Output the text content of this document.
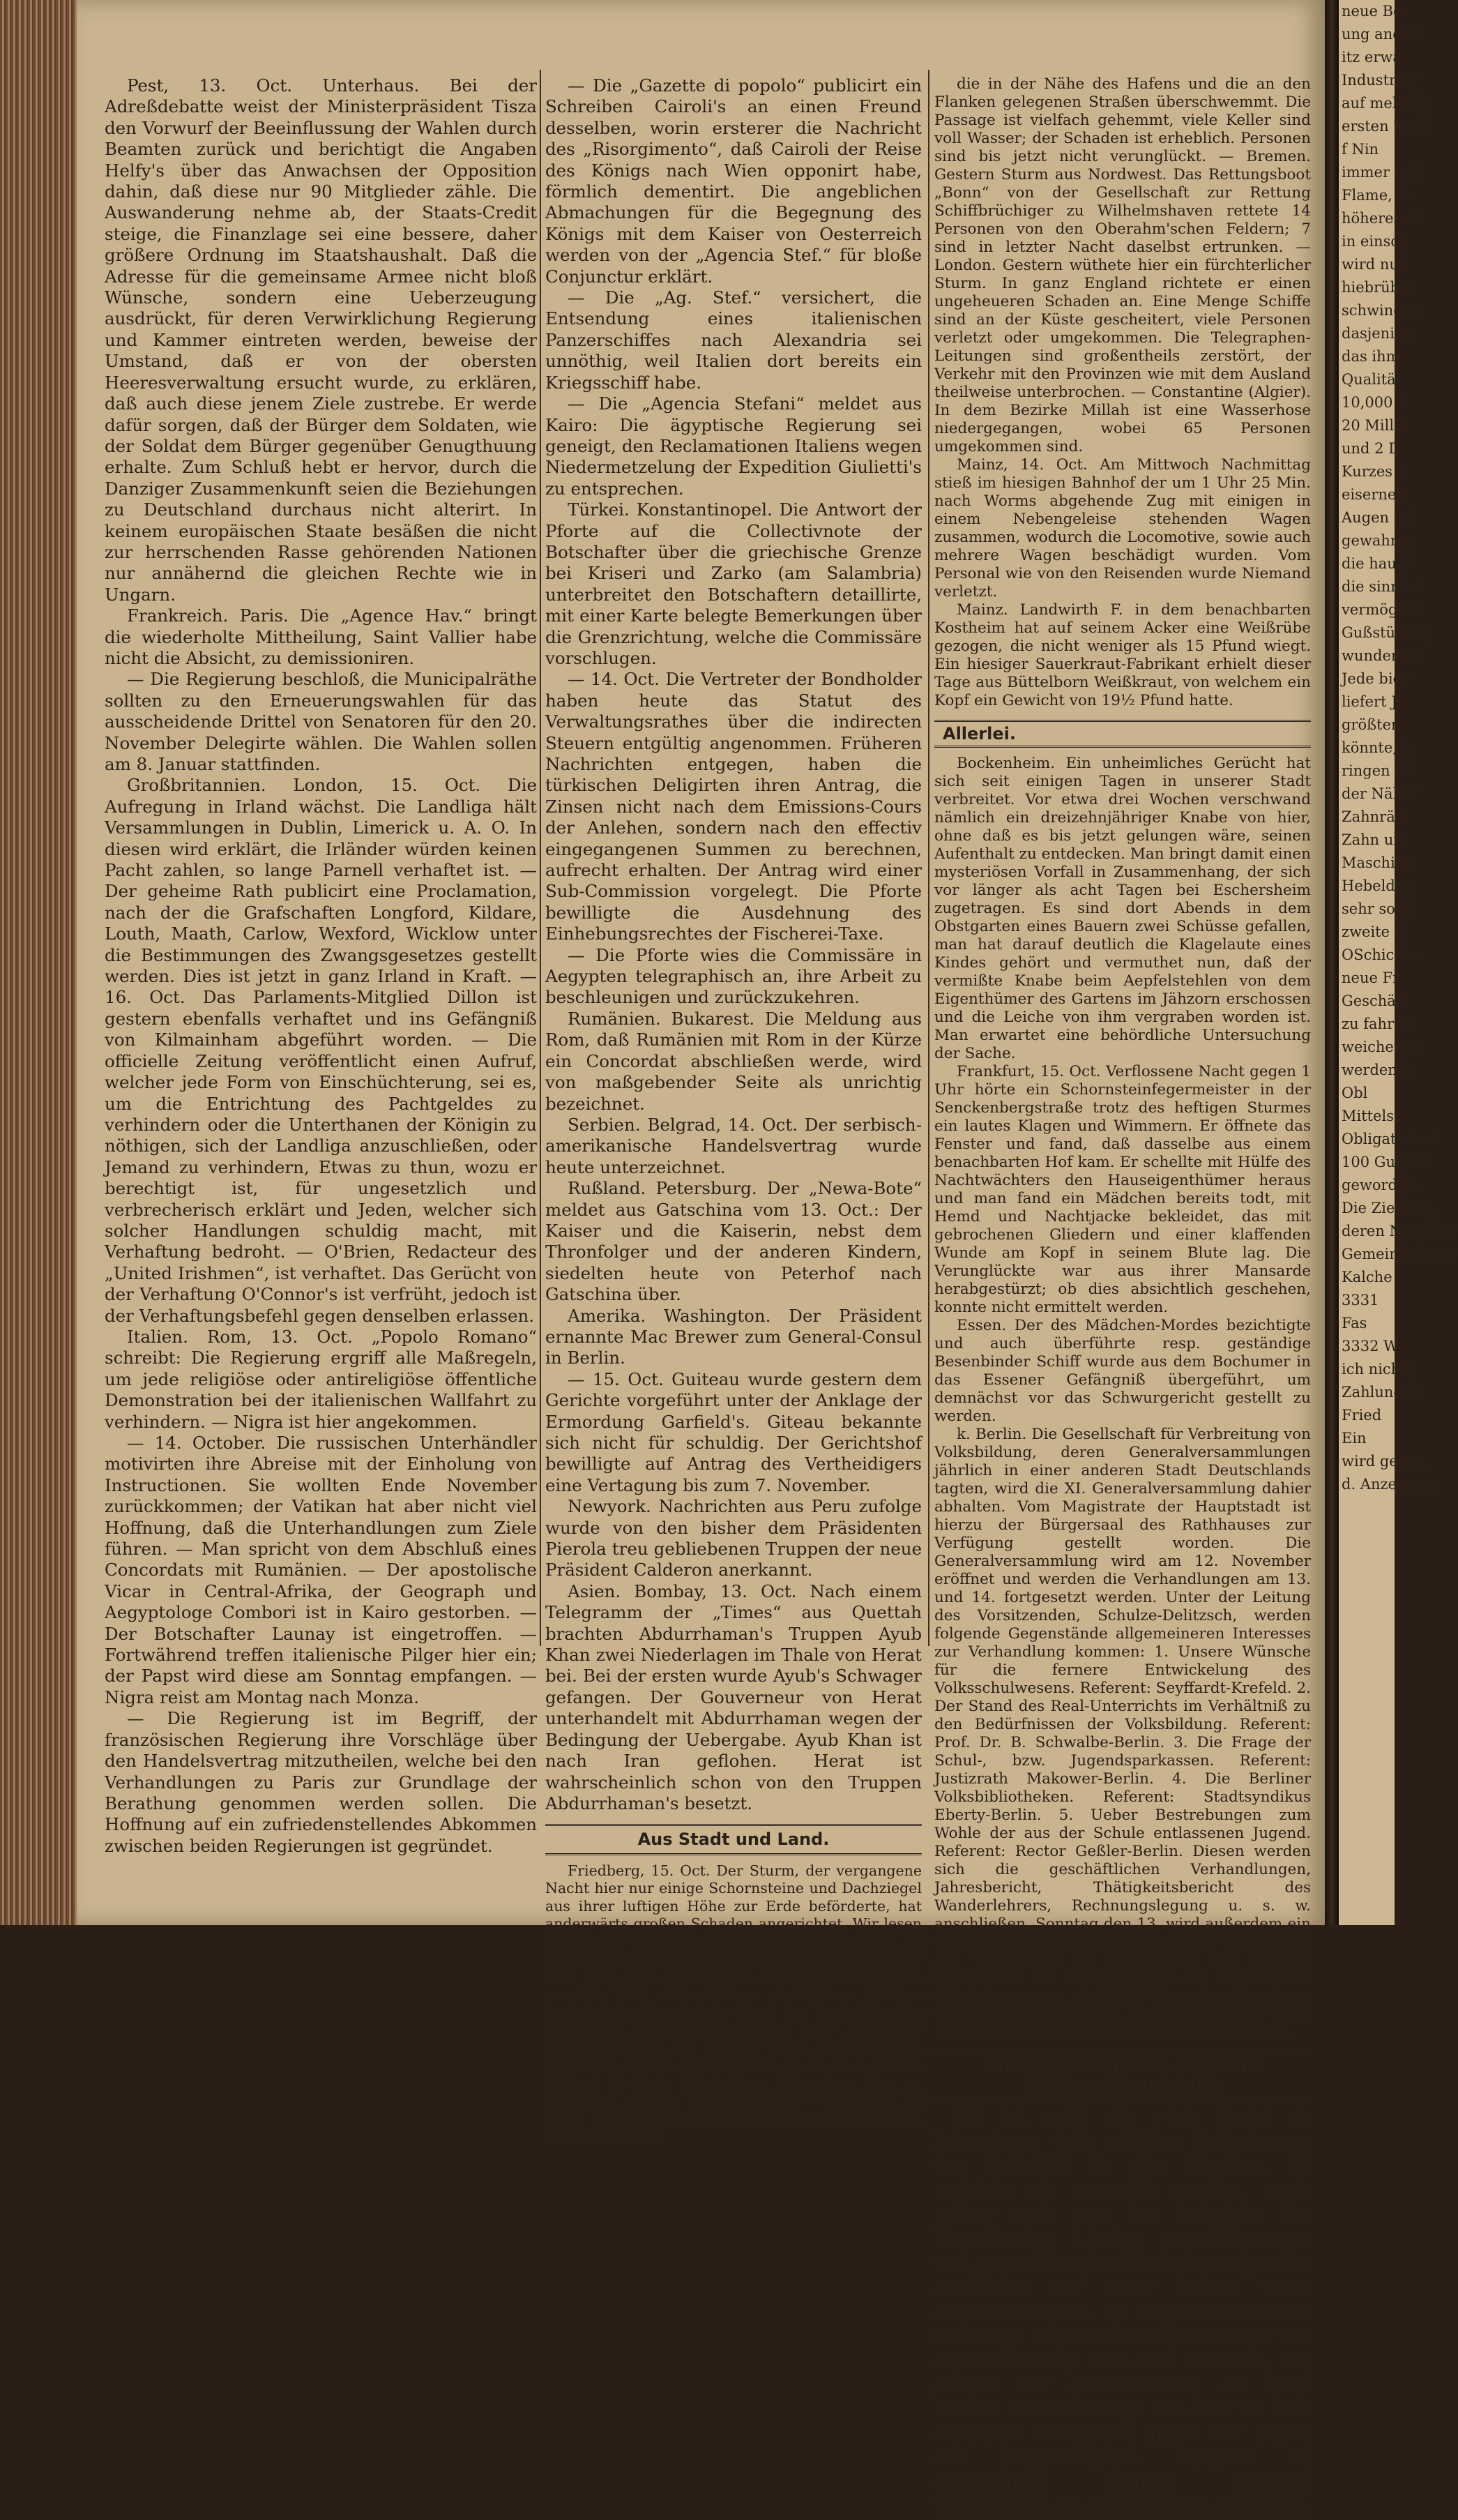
Pest, 13. Oct. Unterhaus. Bei der Adreßdebatte weist der Ministerpräsident Tisza den Vorwurf der Beeinflussung der Wahlen durch Beamten zurück und berichtigt die Angaben Helfy's über das Anwachsen der Opposition dahin, daß diese nur 90 Mitglieder zähle. Die Auswanderung nehme ab, der Staats-Credit steige, die Finanzlage sei eine bessere, daher größere Ordnung im Staatshaushalt. Daß die Adresse für die gemeinsame Armee nicht bloß Wünsche, sondern eine Ueberzeugung ausdrückt, für deren Verwirklichung Regierung und Kammer eintreten werden, beweise der Umstand, daß er von der obersten Heeresverwaltung ersucht wurde, zu erklären, daß auch diese jenem Ziele zustrebe. Er werde dafür sorgen, daß der Bürger dem Soldaten, wie der Soldat dem Bürger gegenüber Genugthuung erhalte. Zum Schluß hebt er hervor, durch die Danziger Zusammenkunft seien die Beziehungen zu Deutschland durchaus nicht alterirt. In keinem europäischen Staate besäßen die nicht zur herrschenden Rasse gehörenden Nationen nur annähernd die gleichen Rechte wie in Ungarn.

Frankreich. Paris. Die „Agence Hav.“ bringt die wiederholte Mittheilung, Saint Vallier habe nicht die Absicht, zu demissioniren.

— Die Regierung beschloß, die Municipalräthe sollten zu den Erneuerungswahlen für das ausscheidende Drittel von Senatoren für den 20. November Delegirte wählen. Die Wahlen sollen am 8. Januar stattfinden.

Großbritannien. London, 15. Oct. Die Aufregung in Irland wächst. Die Landliga hält Versammlungen in Dublin, Limerick u. A. O. In diesen wird erklärt, die Irländer würden keinen Pacht zahlen, so lange Parnell verhaftet ist. — Der geheime Rath publicirt eine Proclamation, nach der die Grafschaften Longford, Kildare, Louth, Maath, Carlow, Wexford, Wicklow unter die Bestimmungen des Zwangsgesetzes gestellt werden. Dies ist jetzt in ganz Irland in Kraft. — 16. Oct. Das Parlaments-Mitglied Dillon ist gestern ebenfalls verhaftet und ins Gefängniß von Kilmainham abgeführt worden. — Die officielle Zeitung veröffentlicht einen Aufruf, welcher jede Form von Einschüchterung, sei es, um die Entrichtung des Pachtgeldes zu verhindern oder die Unterthanen der Königin zu nöthigen, sich der Landliga anzuschließen, oder Jemand zu verhindern, Etwas zu thun, wozu er berechtigt ist, für ungesetzlich und verbrecherisch erklärt und Jeden, welcher sich solcher Handlungen schuldig macht, mit Verhaftung bedroht. — O'Brien, Redacteur des „United Irishmen“, ist verhaftet. Das Gerücht von der Verhaftung O'Connor's ist verfrüht, jedoch ist der Verhaftungsbefehl gegen denselben erlassen.

Italien. Rom, 13. Oct. „Popolo Romano“ schreibt: Die Regierung ergriff alle Maßregeln, um jede religiöse oder antireligiöse öffentliche Demonstration bei der italienischen Wallfahrt zu verhindern. — Nigra ist hier angekommen.

— 14. October. Die russischen Unterhändler motivirten ihre Abreise mit der Einholung von Instructionen. Sie wollten Ende November zurückkommen; der Vatikan hat aber nicht viel Hoffnung, daß die Unterhandlungen zum Ziele führen. — Man spricht von dem Abschluß eines Concordats mit Rumänien. — Der apostolische Vicar in Central-Afrika, der Geograph und Aegyptologe Combori ist in Kairo gestorben. — Der Botschafter Launay ist eingetroffen. — Fortwährend treffen italienische Pilger hier ein; der Papst wird diese am Sonntag empfangen. — Nigra reist am Montag nach Monza.

— Die Regierung ist im Begriff, der französischen Regierung ihre Vorschläge über den Handelsvertrag mitzutheilen, welche bei den Verhandlungen zu Paris zur Grundlage der Berathung genommen werden sollen. Die Hoffnung auf ein zufriedenstellendes Abkommen zwischen beiden Regierungen ist gegründet.

— Die „Gazette di popolo“ publicirt ein Schreiben Cairoli's an einen Freund desselben, worin ersterer die Nachricht des „Risorgimento“, daß Cairoli der Reise des Königs nach Wien opponirt habe, förmlich dementirt. Die angeblichen Abmachungen für die Begegnung des Königs mit dem Kaiser von Oesterreich werden von der „Agencia Stef.“ für bloße Conjunctur erklärt.

— Die „Ag. Stef.“ versichert, die Entsendung eines italienischen Panzerschiffes nach Alexandria sei unnöthig, weil Italien dort bereits ein Kriegsschiff habe.

— Die „Agencia Stefani“ meldet aus Kairo: Die ägyptische Regierung sei geneigt, den Reclamationen Italiens wegen Niedermetzelung der Expedition Giulietti's zu entsprechen.

Türkei. Konstantinopel. Die Antwort der Pforte auf die Collectivnote der Botschafter über die griechische Grenze bei Kriseri und Zarko (am Salambria) unterbreitet den Botschaftern detaillirte, mit einer Karte belegte Bemerkungen über die Grenzrichtung, welche die Commissäre vorschlugen.

— 14. Oct. Die Vertreter der Bondholder haben heute das Statut des Verwaltungsrathes über die indirecten Steuern entgültig angenommen. Früheren Nachrichten entgegen, haben die türkischen Deligirten ihren Antrag, die Zinsen nicht nach dem Emissions-Cours der Anlehen, sondern nach den effectiv eingegangenen Summen zu berechnen, aufrecht erhalten. Der Antrag wird einer Sub-Commission vorgelegt. Die Pforte bewilligte die Ausdehnung des Einhebungsrechtes der Fischerei-Taxe.

— Die Pforte wies die Commissäre in Aegypten telegraphisch an, ihre Arbeit zu beschleunigen und zurückzukehren.

Rumänien. Bukarest. Die Meldung aus Rom, daß Rumänien mit Rom in der Kürze ein Concordat abschließen werde, wird von maßgebender Seite als unrichtig bezeichnet.

Serbien. Belgrad, 14. Oct. Der serbisch-amerikanische Handelsvertrag wurde heute unterzeichnet.

Rußland. Petersburg. Der „Newa-Bote“ meldet aus Gatschina vom 13. Oct.: Der Kaiser und die Kaiserin, nebst dem Thronfolger und der anderen Kindern, siedelten heute von Peterhof nach Gatschina über.

Amerika. Washington. Der Präsident ernannte Mac Brewer zum General-Consul in Berlin.

— 15. Oct. Guiteau wurde gestern dem Gerichte vorgeführt unter der Anklage der Ermordung Garfield's. Giteau bekannte sich nicht für schuldig. Der Gerichtshof bewilligte auf Antrag des Vertheidigers eine Vertagung bis zum 7. November.

Newyork. Nachrichten aus Peru zufolge wurde von den bisher dem Präsidenten Pierola treu gebliebenen Truppen der neue Präsident Calderon anerkannt.

Asien. Bombay, 13. Oct. Nach einem Telegramm der „Times“ aus Quettah brachten Abdurrhaman's Truppen Ayub Khan zwei Niederlagen im Thale von Herat bei. Bei der ersten wurde Ayub's Schwager gefangen. Der Gouverneur von Herat unterhandelt mit Abdurrhaman wegen der Bedingung der Uebergabe. Ayub Khan ist nach Iran geflohen. Herat ist wahrscheinlich schon von den Truppen Abdurrhaman's besetzt.

Aus Stadt und Land.

Friedberg, 15. Oct. Der Sturm, der vergangene Nacht hier nur einige Schornsteine und Dachziegel aus ihrer luftigen Höhe zur Erde beförderte, hat anderwärts großen Schaden angerichtet. Wir lesen darüber in den verschiedenen Blättern: Berlin. In Folge des orkanartigen Sturmes in gestriger Nacht sind sehr viel oberirdische Telegraphenleitungen zerstört. Mit sämmtlichen wichtigeren Plätzen Deutschlands ist jedoch durch die unterirdischen Kabel die Verbindung erhalten. Eine Ausnahme bildet München, da Bayern keine unterirdischen Leitungen besitzt. Von den außerdeutschen großen Plätzen ist Paris, Wien, Prag, Warschau, Riga zu erreichen, London indessen nicht. — Hamburg. In Folge des heftigen Sturmes und der eingetretenen Sturmfluth sind

die in der Nähe des Hafens und die an den Flanken gelegenen Straßen überschwemmt. Die Passage ist vielfach gehemmt, viele Keller sind voll Wasser; der Schaden ist erheblich. Personen sind bis jetzt nicht verunglückt. — Bremen. Gestern Sturm aus Nordwest. Das Rettungsboot „Bonn“ von der Gesellschaft zur Rettung Schiffbrüchiger zu Wilhelmshaven rettete 14 Personen von den Oberahm'schen Feldern; 7 sind in letzter Nacht daselbst ertrunken. — London. Gestern wüthete hier ein fürchterlicher Sturm. In ganz England richtete er einen ungeheueren Schaden an. Eine Menge Schiffe sind an der Küste gescheitert, viele Personen verletzt oder umgekommen. Die Telegraphen-Leitungen sind großentheils zerstört, der Verkehr mit den Provinzen wie mit dem Ausland theilweise unterbrochen. — Constantine (Algier). In dem Bezirke Millah ist eine Wasserhose niedergegangen, wobei 65 Personen umgekommen sind.

Mainz, 14. Oct. Am Mittwoch Nachmittag stieß im hiesigen Bahnhof der um 1 Uhr 25 Min. nach Worms abgehende Zug mit einigen in einem Nebengeleise stehenden Wagen zusammen, wodurch die Locomotive, sowie auch mehrere Wagen beschädigt wurden. Vom Personal wie von den Reisenden wurde Niemand verletzt.

Mainz. Landwirth F. in dem benachbarten Kostheim hat auf seinem Acker eine Weißrübe gezogen, die nicht weniger als 15 Pfund wiegt. Ein hiesiger Sauerkraut-Fabrikant erhielt dieser Tage aus Büttelborn Weißkraut, von welchem ein Kopf ein Gewicht von 19½ Pfund hatte.

Allerlei.

Bockenheim. Ein unheimliches Gerücht hat sich seit einigen Tagen in unserer Stadt verbreitet. Vor etwa drei Wochen verschwand nämlich ein dreizehnjähriger Knabe von hier, ohne daß es bis jetzt gelungen wäre, seinen Aufenthalt zu entdecken. Man bringt damit einen mysteriösen Vorfall in Zusammenhang, der sich vor länger als acht Tagen bei Eschersheim zugetragen. Es sind dort Abends in dem Obstgarten eines Bauern zwei Schüsse gefallen, man hat darauf deutlich die Klagelaute eines Kindes gehört und vermuthet nun, daß der vermißte Knabe beim Aepfelstehlen von dem Eigenthümer des Gartens im Jähzorn erschossen und die Leiche von ihm vergraben worden ist. Man erwartet eine behördliche Untersuchung der Sache.

Frankfurt, 15. Oct. Verflossene Nacht gegen 1 Uhr hörte ein Schornsteinfegermeister in der Senckenbergstraße trotz des heftigen Sturmes ein lautes Klagen und Wimmern. Er öffnete das Fenster und fand, daß dasselbe aus einem benachbarten Hof kam. Er schellte mit Hülfe des Nachtwächters den Hauseigenthümer heraus und man fand ein Mädchen bereits todt, mit Hemd und Nachtjacke bekleidet, das mit gebrochenen Gliedern und einer klaffenden Wunde am Kopf in seinem Blute lag. Die Verunglückte war aus ihrer Mansarde herabgestürzt; ob dies absichtlich geschehen, konnte nicht ermittelt werden.

Essen. Der des Mädchen-Mordes bezichtigte und auch überführte resp. geständige Besenbinder Schiff wurde aus dem Bochumer in das Essener Gefängniß übergeführt, um demnächst vor das Schwurgericht gestellt zu werden.

k. Berlin. Die Gesellschaft für Verbreitung von Volksbildung, deren Generalversammlungen jährlich in einer anderen Stadt Deutschlands tagten, wird die XI. Generalversammlung dahier abhalten. Vom Magistrate der Hauptstadt ist hierzu der Bürgersaal des Rathhauses zur Verfügung gestellt worden. Die Generalversammlung wird am 12. November eröffnet und werden die Verhandlungen am 13. und 14. fortgesetzt werden. Unter der Leitung des Vorsitzenden, Schulze-Delitzsch, werden folgende Gegenstände allgemeineren Interesses zur Verhandlung kommen: 1. Unsere Wünsche für die fernere Entwickelung des Volksschulwesens. Referent: Seyffardt-Krefeld. 2. Der Stand des Real-Unterrichts im Verhältniß zu den Bedürfnissen der Volksbildung. Referent: Prof. Dr. B. Schwalbe-Berlin. 3. Die Frage der Schul-, bzw. Jugendsparkassen. Referent: Justizrath Makower-Berlin. 4. Die Berliner Volksbibliotheken. Referent: Stadtsyndikus Eberty-Berlin. 5. Ueber Bestrebungen zum Wohle der aus der Schule entlassenen Jugend. Referent: Rector Geßler-Berlin. Diesen werden sich die geschäftlichen Verhandlungen, Jahresbericht, Thätigkeitsbericht des Wanderlehrers, Rechnungslegung u. s. w. anschließen. Sonntag den 13. wird außerdem ein gemeinsames Mahl die Theilnehmer vereinigen. Die Theilnahme ist Mitgliedern und Gästen, welche für die Bestrebungen der Gesellschaft sich interessiren, gestattet, wenn dieselben beim Büreau der Gesellschaft in Berlin eine auf ihren Namen lautende Eintrittskarte erheben wollen.

Ein Gang durch eine deutsche Nähmaschinenfabrik.

Es ist wohl als eine Regel zu betrachten, daß wichtige Erfindungen der Industrie in den Ländern, in welchen sie gemacht wurden, auch später noch von der Industrie der betreffenden Länder vervollkommnet und gegenüber den Nachahmungen des Auslandes auf einer hohen Stufe erhalten werden. Im Gegensatze hierzu bietet die Nähmaschinenfabrikation das eigenthümliche Bild, daß Amerika, die Mutter der Nähmaschine, ihr Kind schnell vernachlässigt hat und es dem Auslande ermöglicht, nicht nur gegen das amerikanische Fabrikat zu concurriren, sondern dasselbe thatsächlich, was Qualität des Fabrikats,

neue Be
ung andela
itz erwa
Industriez
auf mehrere
ersten Med
f Nin
immer mel
Flame, fo
höheren P
in einsch
wird nur
hiebrüber
schwinden
dasjenige
das ihm
Qualität
10,000 A
20 Millio
und 2 D
Kurzes B
eisernen
Augen fol
gewahren
die haupt
die sinnrei
vermöglich
Gußstücken
wunderbar
Jede bies
liefert J
größten
könnte, b
ringen un
der Nähm
Zahnräd
Zahn um
Maschine
Hebeldru
sehr solid
zweite G
OSchichte
neue Fr
Geschäft
zu fahren
weichen M
werden bi
Obl
Mittelst
Obligationen
100 Gulden
geworden.
Die Ziehung
deren Nächster
Gemeindekasse
Kalche
3331
Fas
3332 W
ich nichte
Zahlung fo
Fried
Ein
wird gegen
d. Anzeigers
